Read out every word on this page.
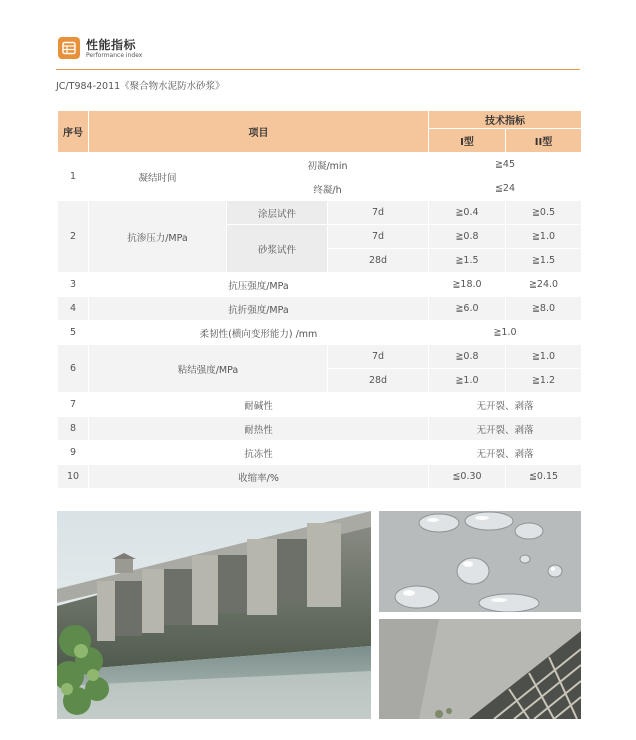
性能指标
Performance index
JC/T984-2011《聚合物水泥防水砂浆》
序号	项目			技术指标	
				I型	II型
1	凝结时间	初凝/min		≧45	
		终凝/h		≦24	
2	抗渗压力/MPa	涂层试件	7d	≧0.4	≧0.5
		砂浆试件	7d	≧0.8	≧1.0
			28d	≧1.5	≧1.5
3	抗压强度/MPa			≧18.0	≧24.0
4	抗折强度/MPa			≧6.0	≧8.0
5	柔韧性(横向变形能力) /mm			≧1.0	
6	粘结强度/MPa		7d	≧0.8	≧1.0
			28d	≧1.0	≧1.2
7	耐碱性			无开裂、剥落	
8	耐热性			无开裂、剥落	
9	抗冻性			无开裂、剥落	
10	收缩率/%			≦0.30	≦0.15
